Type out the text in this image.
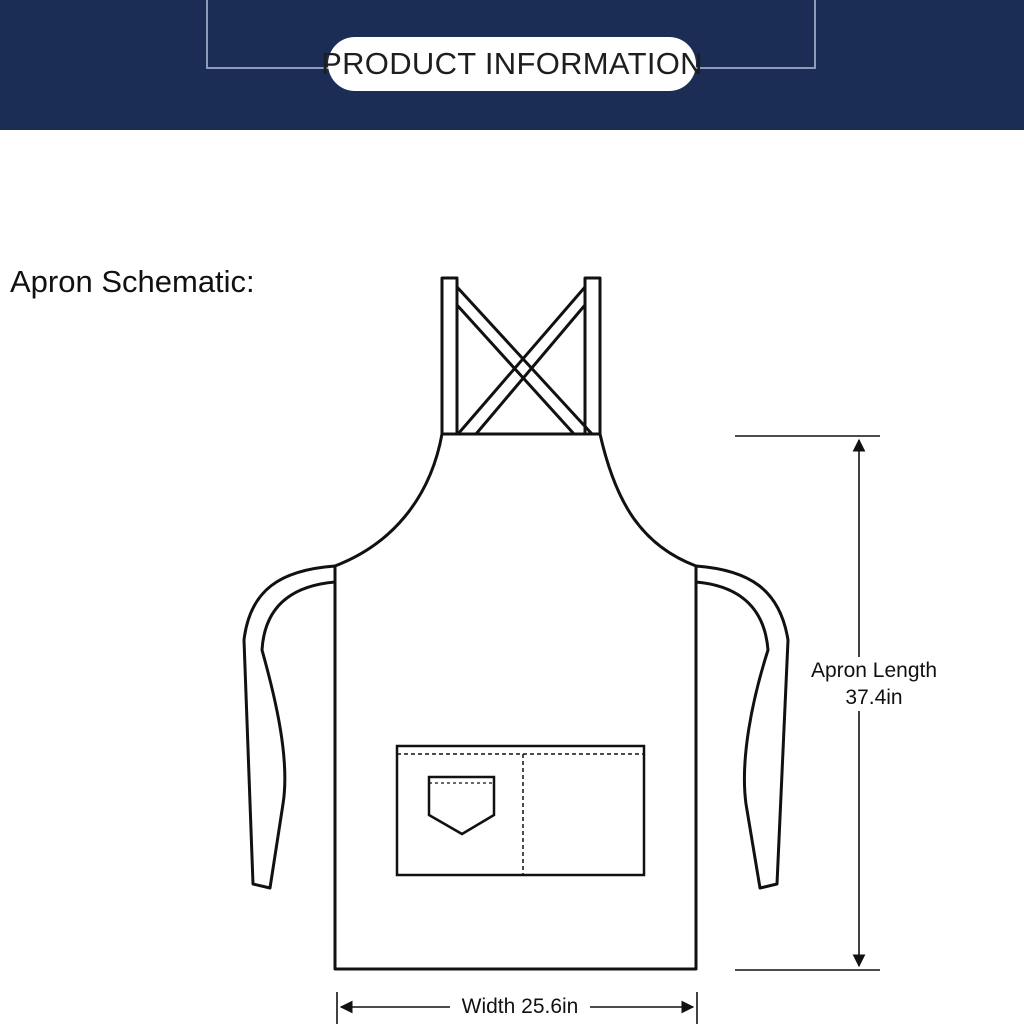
PRODUCT INFORMATION
Apron Schematic:
Apron Length
37.4in
Width 25.6in
